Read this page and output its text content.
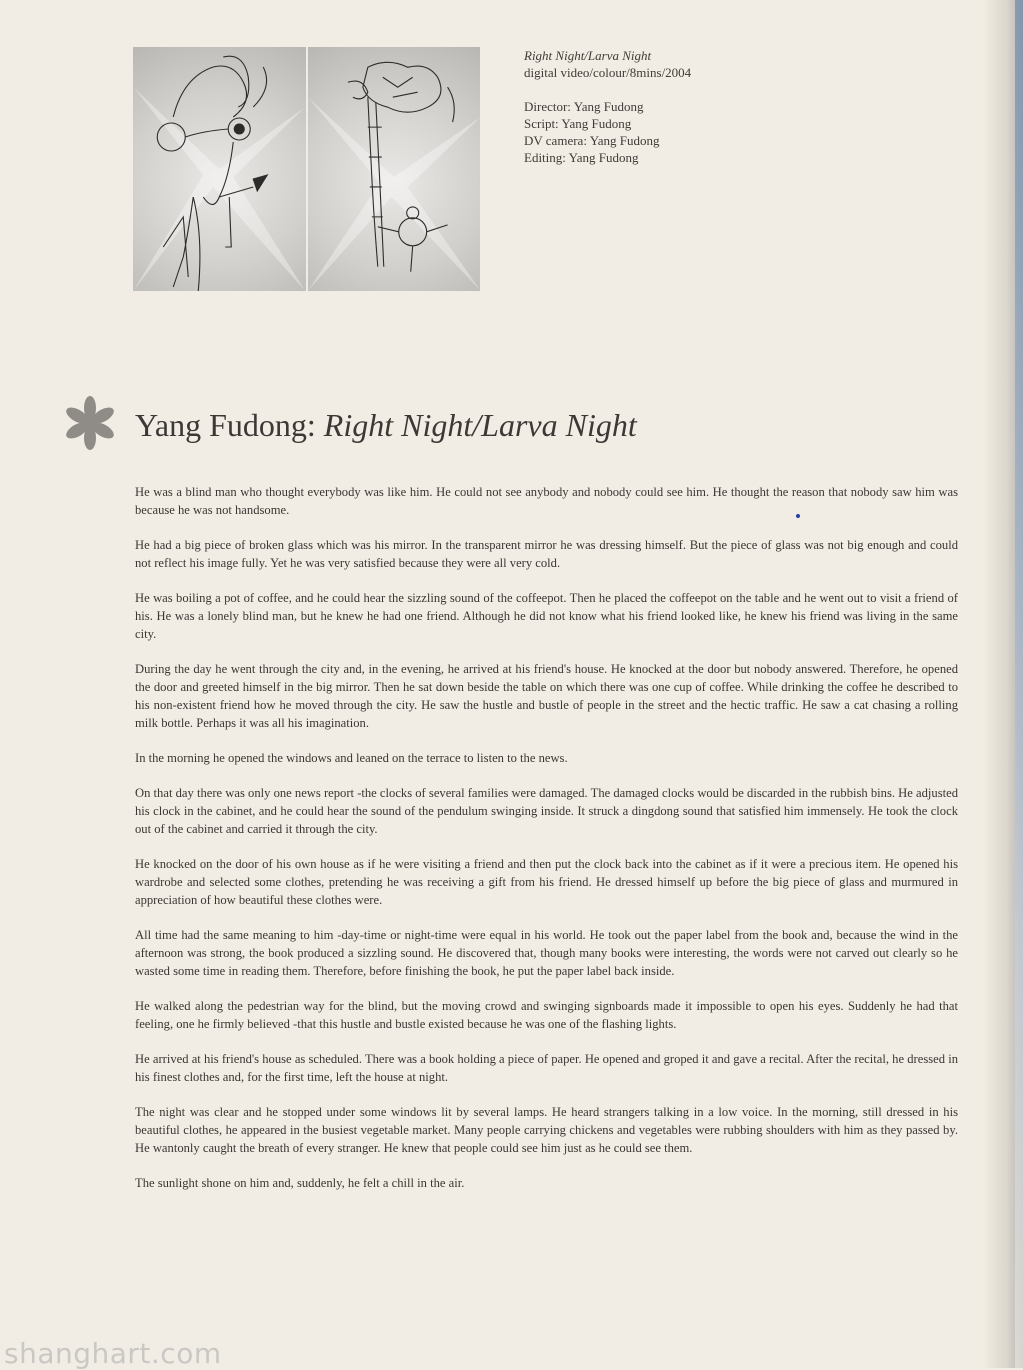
Right Night/Larva Night
digital video/colour/8mins/2004
Director: Yang Fudong
Script: Yang Fudong
DV camera: Yang Fudong
Editing: Yang Fudong
Yang Fudong: Right Night/Larva Night

He was a blind man who thought everybody was like him. He could not see anybody and nobody could see him. He thought the reason that nobody saw him was because he was not handsome.

He had a big piece of broken glass which was his mirror. In the transparent mirror he was dressing himself. But the piece of glass was not big enough and could not reflect his image fully. Yet he was very satisfied because they were all very cold.

He was boiling a pot of coffee, and he could hear the sizzling sound of the coffeepot. Then he placed the coffeepot on the table and he went out to visit a friend of his. He was a lonely blind man, but he knew he had one friend. Although he did not know what his friend looked like, he knew his friend was living in the same city.

During the day he went through the city and, in the evening, he arrived at his friend's house. He knocked at the door but nobody answered. Therefore, he opened the door and greeted himself in the big mirror. Then he sat down beside the table on which there was one cup of coffee. While drinking the coffee he described to his non-existent friend how he moved through the city. He saw the hustle and bustle of people in the street and the hectic traffic. He saw a cat chasing a rolling milk bottle. Perhaps it was all his imagination.

In the morning he opened the windows and leaned on the terrace to listen to the news.

On that day there was only one news report -the clocks of several families were damaged. The damaged clocks would be discarded in the rubbish bins. He adjusted his clock in the cabinet, and he could hear the sound of the pendulum swinging inside. It struck a dingdong sound that satisfied him immensely. He took the clock out of the cabinet and carried it through the city.

He knocked on the door of his own house as if he were visiting a friend and then put the clock back into the cabinet as if it were a precious item. He opened his wardrobe and selected some clothes, pretending he was receiving a gift from his friend. He dressed himself up before the big piece of glass and murmured in appreciation of how beautiful these clothes were.

All time had the same meaning to him -day-time or night-time were equal in his world. He took out the paper label from the book and, because the wind in the afternoon was strong, the book produced a sizzling sound. He discovered that, though many books were interesting, the words were not carved out clearly so he wasted some time in reading them. Therefore, before finishing the book, he put the paper label back inside.

He walked along the pedestrian way for the blind, but the moving crowd and swinging signboards made it impossible to open his eyes. Suddenly he had that feeling, one he firmly believed -that this hustle and bustle existed because he was one of the flashing lights.

He arrived at his friend's house as scheduled. There was a book holding a piece of paper. He opened and groped it and gave a recital. After the recital, he dressed in his finest clothes and, for the first time, left the house at night.

The night was clear and he stopped under some windows lit by several lamps. He heard strangers talking in a low voice. In the morning, still dressed in his beautiful clothes, he appeared in the busiest vegetable market. Many people carrying chickens and vegetables were rubbing shoulders with him as they passed by. He wantonly caught the breath of every stranger. He knew that people could see him just as he could see them.

The sunlight shone on him and, suddenly, he felt a chill in the air.

shanghart.com
